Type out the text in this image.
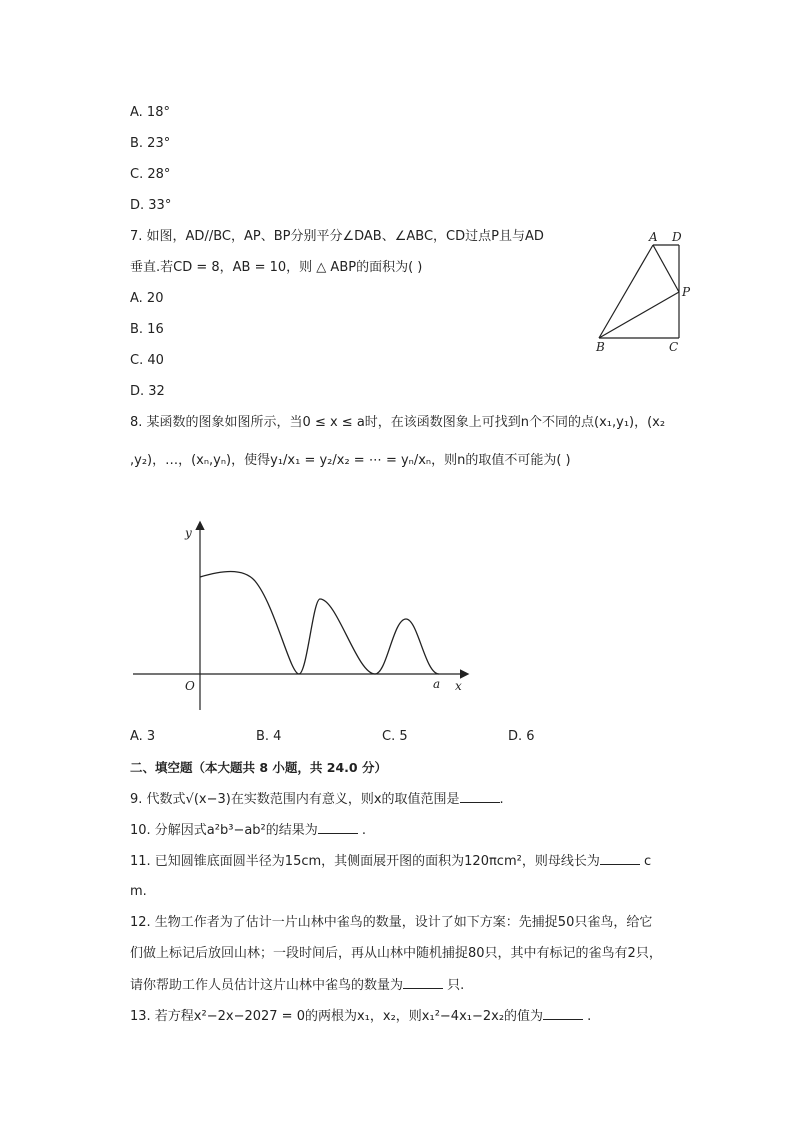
A. 18°
B. 23°
C. 28°
D. 33°
7. 如图，AD//BC，AP、BP分别平分∠DAB、∠ABC，CD过点P且与AD
垂直.若CD = 8，AB = 10，则 △ ABP的面积为( )
A. 20
B. 16
C. 40
D. 32
A D
P
B	C
8. 某函数的图象如图所示，当0 ≤ x ≤ a时，在该函数图象上可找到n个不同的点(x₁,y₁)，(x₂
,y₂)，…，(xₙ,yₙ)，使得y₁/x₁ = y₂/x₂ = ⋯ = yₙ/xₙ，则n的取值不可能为( )
y
O	a x
A. 3	B. 4	C. 5	D. 6
二、填空题（本大题共 8 小题，共 24.0 分）
9. 代数式√(x−3)在实数范围内有意义，则x的取值范围是	.
10. 分解因式a²b³−ab²的结果为	.
11. 已知圆锥底面圆半径为15cm，其侧面展开图的面积为120πcm²，则母线长为	c
m.
12. 生物工作者为了估计一片山林中雀鸟的数量，设计了如下方案：先捕捉50只雀鸟，给它
们做上标记后放回山林；一段时间后，再从山林中随机捕捉80只，其中有标记的雀鸟有2只，
请你帮助工作人员估计这片山林中雀鸟的数量为	只.
13. 若方程x²−2x−2027 = 0的两根为x₁，x₂，则x₁²−4x₁−2x₂的值为	.
